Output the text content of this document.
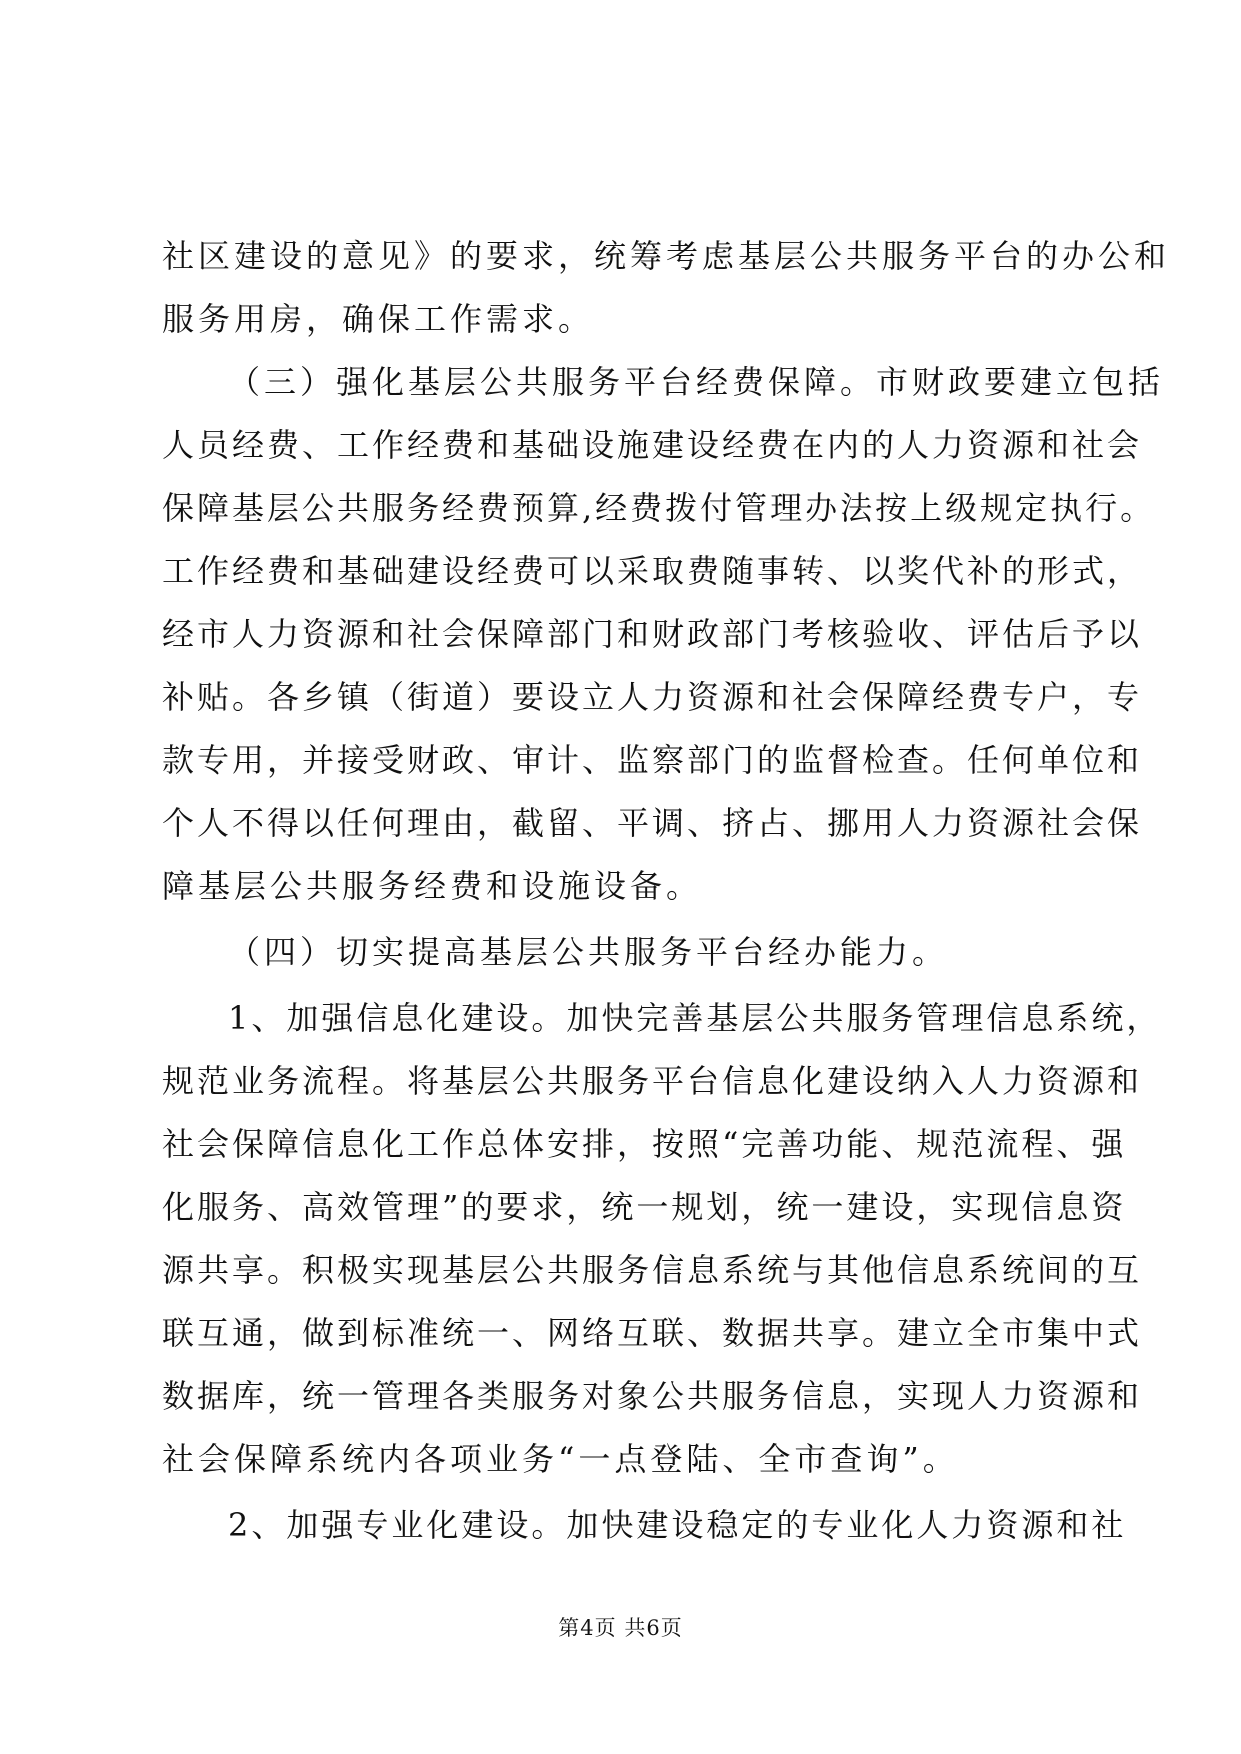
社区建设的意见》的要求，统筹考虑基层公共服务平台的办公和
服务用房，确保工作需求。
（三）强化基层公共服务平台经费保障。市财政要建立包括
人员经费、工作经费和基础设施建设经费在内的人力资源和社会
保障基层公共服务经费预算,经费拨付管理办法按上级规定执行。
工作经费和基础建设经费可以采取费随事转、以奖代补的形式，
经市人力资源和社会保障部门和财政部门考核验收、评估后予以
补贴。各乡镇（街道）要设立人力资源和社会保障经费专户，专
款专用，并接受财政、审计、监察部门的监督检查。任何单位和
个人不得以任何理由，截留、平调、挤占、挪用人力资源社会保
障基层公共服务经费和设施设备。
（四）切实提高基层公共服务平台经办能力。
1、加强信息化建设。加快完善基层公共服务管理信息系统，
规范业务流程。将基层公共服务平台信息化建设纳入人力资源和
社会保障信息化工作总体安排，按照“完善功能、规范流程、强
化服务、高效管理”的要求，统一规划，统一建设，实现信息资
源共享。积极实现基层公共服务信息系统与其他信息系统间的互
联互通，做到标准统一、网络互联、数据共享。建立全市集中式
数据库，统一管理各类服务对象公共服务信息，实现人力资源和
社会保障系统内各项业务“一点登陆、全市查询”。
2、加强专业化建设。加快建设稳定的专业化人力资源和社
第4页 共6页
